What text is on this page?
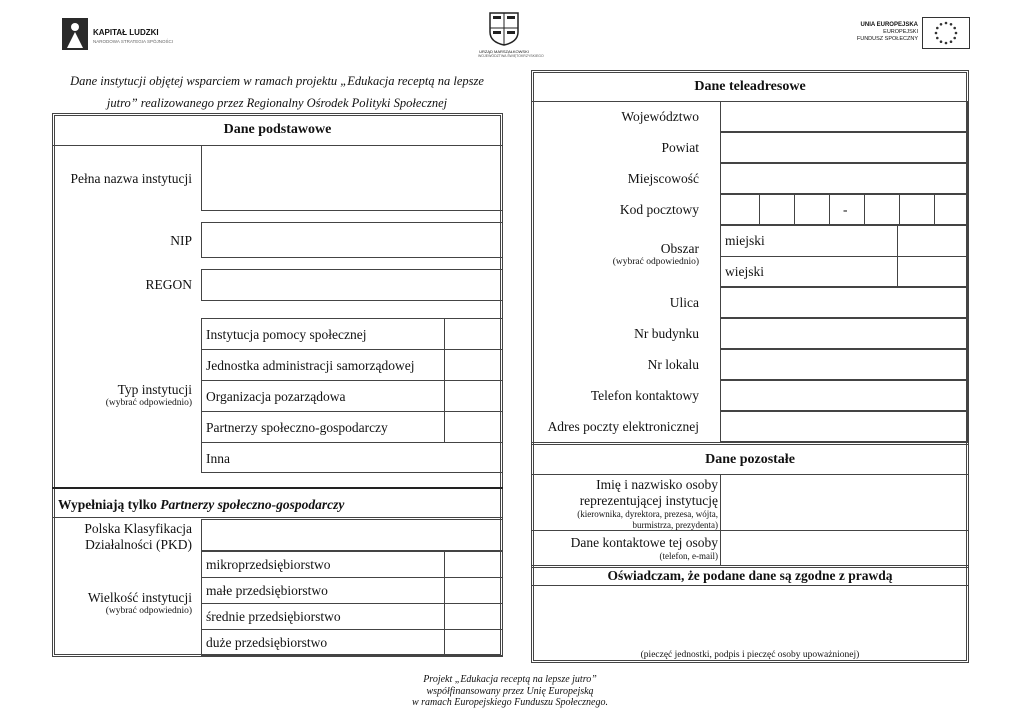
KAPITAŁ LUDZKI
NARODOWA STRATEGIA SPÓJNOŚCI
URZĄD MARSZAŁKOWSKI
WOJEWÓDZTWA ŚWIĘTOKRZYSKIEGO
UNIA EUROPEJSKA
EUROPEJSKI
FUNDUSZ SPOŁECZNY
Dane instytucji objętej wsparciem w ramach projektu „Edukacja receptą na lepsze
jutro” realizowanego przez Regionalny Ośrodek Polityki Społecznej
Dane podstawowe
Pełna nazwa instytucji
NIP
REGON
Typ instytucji
(wybrać odpowiednio)
Instytucja pomocy społecznej
Jednostka administracji samorządowej
Organizacja pozarządowa
Partnerzy społeczno-gospodarczy
Inna
Wypełniają tylko Partnerzy społeczno-gospodarczy
Polska Klasyfikacja
Działalności (PKD)
Wielkość instytucji
(wybrać odpowiednio)
mikroprzedsiębiorstwo
małe przedsiębiorstwo
średnie przedsiębiorstwo
duże przedsiębiorstwo
Dane teleadresowe
Województwo
Powiat
Miejscowość
Kod pocztowy	-
Obszar
(wybrać odpowiednio)
miejski
wiejski
Ulica
Nr budynku
Nr lokalu
Telefon kontaktowy
Adres poczty elektronicznej
Dane pozostałe
Imię i nazwisko osoby
reprezentującej instytucję
(kierownika, dyrektora, prezesa, wójta,
burmistrza, prezydenta)
Dane kontaktowe tej osoby
(telefon, e-mail)
Oświadczam, że podane dane są zgodne z prawdą
(pieczęć jednostki, podpis i pieczęć osoby upoważnionej)
Projekt „Edukacja receptą na lepsze jutro”
współfinansowany przez Unię Europejską
w ramach Europejskiego Funduszu Społecznego.
